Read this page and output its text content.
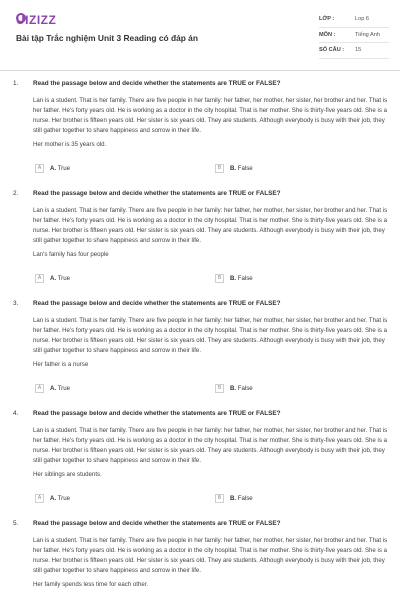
UIZIZZ
Bài tập Trắc nghiệm Unit 3 Reading có đáp án
LỚP :	Lop 6
MÔN :	Tiếng Anh
SỐ CÂU :	15
1. Read the passage below and decide whether the statements are TRUE or FALSE?

Lan is a student. That is her family. There are five people in her family: her father, her mother, her sister, her brother and her. That is her father. He's forty years old. He is working as a doctor in the city hospital. That is her mother. She is thirty-five years old. She is a nurse. Her brother is fifteen years old. Her sister is six years old. They are students. Although everybody is busy with their job, they still gather together to share happiness and sorrow in their life.

Her mother is 35 years old.
A	A. True	B	B. False
2. Read the passage below and decide whether the statements are TRUE or FALSE?

Lan is a student. That is her family. There are five people in her family: her father, her mother, her sister, her brother and her. That is her father. He's forty years old. He is working as a doctor in the city hospital. That is her mother. She is thirty-five years old. She is a nurse. Her brother is fifteen years old. Her sister is six years old. They are students. Although everybody is busy with their job, they still gather together to share happiness and sorrow in their life.

Lan's family has four people
A	A. True	B	B. False
3. Read the passage below and decide whether the statements are TRUE or FALSE?

Lan is a student. That is her family. There are five people in her family: her father, her mother, her sister, her brother and her. That is her father. He's forty years old. He is working as a doctor in the city hospital. That is her mother. She is thirty-five years old. She is a nurse. Her brother is fifteen years old. Her sister is six years old. They are students. Although everybody is busy with their job, they still gather together to share happiness and sorrow in their life.

Her father is a nurse
A	A. True	B	B. False
4. Read the passage below and decide whether the statements are TRUE or FALSE?

Lan is a student. That is her family. There are five people in her family: her father, her mother, her sister, her brother and her. That is her father. He's forty years old. He is working as a doctor in the city hospital. That is her mother. She is thirty-five years old. She is a nurse. Her brother is fifteen years old. Her sister is six years old. They are students. Although everybody is busy with their job, they still gather together to share happiness and sorrow in their life.

Her siblings are students.
A	A. True	B	B. False
5. Read the passage below and decide whether the statements are TRUE or FALSE?

Lan is a student. That is her family. There are five people in her family: her father, her mother, her sister, her brother and her. That is her father. He's forty years old. He is working as a doctor in the city hospital. That is her mother. She is thirty-five years old. She is a nurse. Her brother is fifteen years old. Her sister is six years old. They are students. Although everybody is busy with their job, they still gather together to share happiness and sorrow in their life.

Her family spends less time for each other.
